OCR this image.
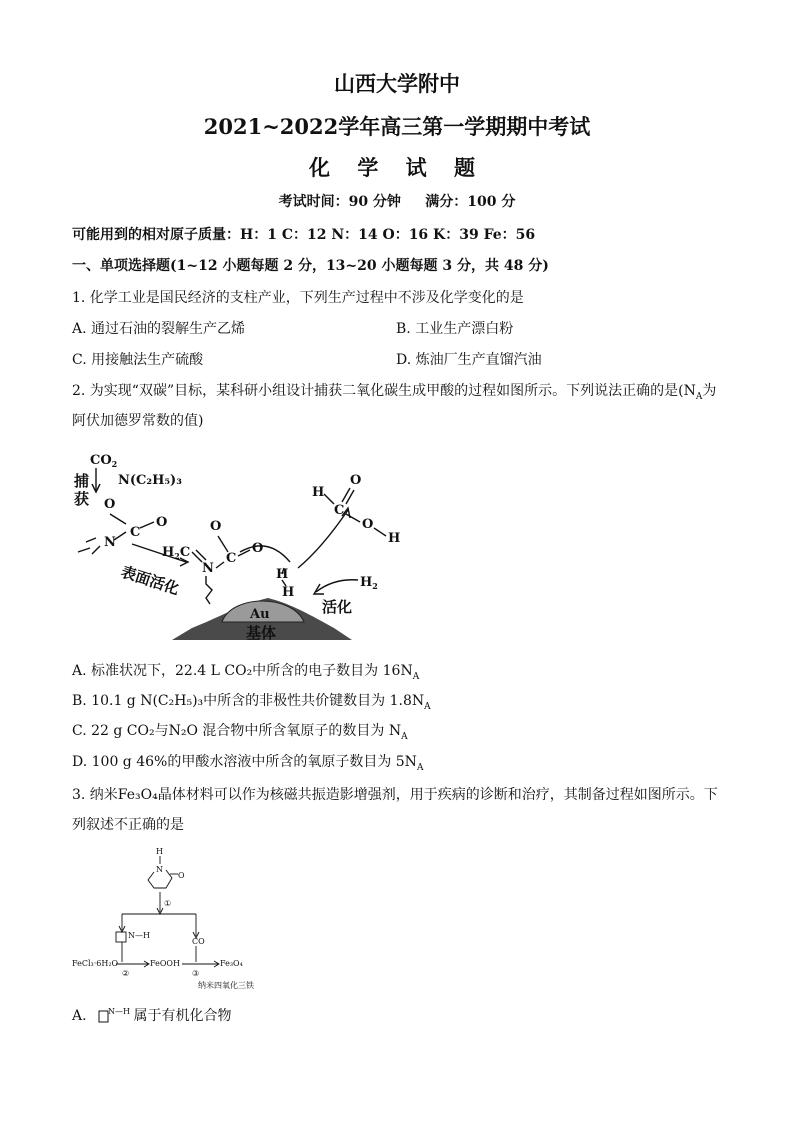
山西大学附中
2021~2022学年高三第一学期期中考试
化 学 试 题
考试时间：90 分钟     满分：100 分
可能用到的相对原子质量：H：1 C：12 N：14 O：16 K：39 Fe：56
一、单项选择题(1~12 小题每题 2 分，13~20 小题每题 3 分，共 48 分)
1. 化学工业是国民经济的支柱产业，下列生产过程中不涉及化学变化的是
A. 通过石油的裂解生产乙烯	B. 工业生产漂白粉
C. 用接触法生产硫酸	D. 炼油厂生产直馏汽油
2. 为实现“双碳”目标，某科研小组设计捕获二氧化碳生成甲酸的过程如图所示。下列说法正确的是($N_A$为
阿伏加德罗常数的值)
$CO_2$
捕
获
N(C₂H₅)₃
O
N
C
O
表面活化
$H_2C$
N
C
O
O
H
H
活化
$H_2$
H
C
O
O
H
Au
基体
A. 标准状况下，22.4 L CO₂中所含的电子数目为 $16N_A$
B. 10.1 g N(C₂H₅)₃中所含的非极性共价键数目为 $1.8N_A$
C. 22 g CO₂与N₂O 混合物中所含氧原子的数目为 $N_A$
D. 100 g 46%的甲酸水溶液中所含的氧原子数目为 $5N_A$
3. 纳米Fe₃O₄晶体材料可以作为核磁共振造影增强剂，用于疾病的诊断和治疗，其制备过程如图所示。下
列叙述不正确的是
H
N
O
①
N—H
CO
FeCl₃·6H₂O
②
FeOOH
③
Fe₃O₄
纳米四氧化三铁
A.	N—H 属于有机化合物
